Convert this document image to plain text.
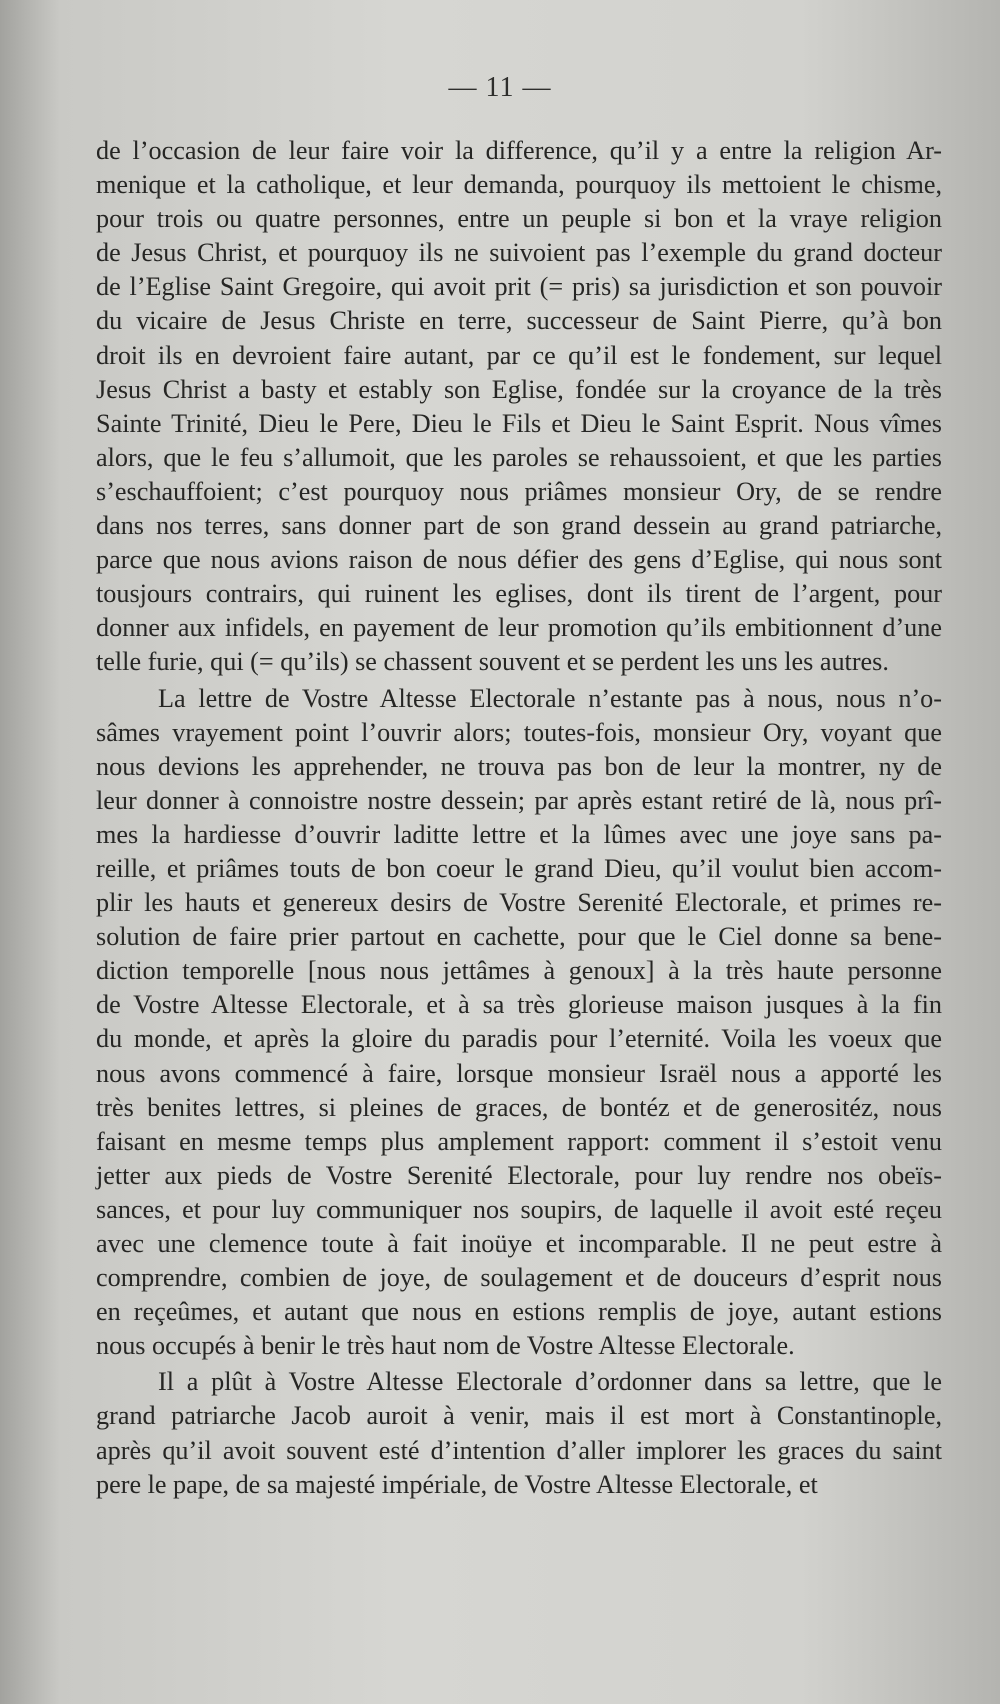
— 11 —
de l’occasion de leur faire voir la difference, qu’il y a entre la religion Ar-
menique et la catholique, et leur demanda, pourquoy ils mettoient le chisme,
pour trois ou quatre personnes, entre un peuple si bon et la vraye religion
de Jesus Christ, et pourquoy ils ne suivoient pas l’exemple du grand docteur
de l’Eglise Saint Gregoire, qui avoit prit (= pris) sa jurisdiction et son pouvoir
du vicaire de Jesus Christe en terre, successeur de Saint Pierre, qu’à bon
droit ils en devroient faire autant, par ce qu’il est le fondement, sur lequel
Jesus Christ a basty et estably son Eglise, fondée sur la croyance de la très
Sainte Trinité, Dieu le Pere, Dieu le Fils et Dieu le Saint Esprit. Nous vîmes
alors, que le feu s’allumoit, que les paroles se rehaussoient, et que les parties
s’eschauffoient; c’est pourquoy nous priâmes monsieur Ory, de se rendre
dans nos terres, sans donner part de son grand dessein au grand patriarche,
parce que nous avions raison de nous défier des gens d’Eglise, qui nous sont
tousjours contrairs, qui ruinent les eglises, dont ils tirent de l’argent, pour
donner aux infidels, en payement de leur promotion qu’ils embitionnent d’une
telle furie, qui (= qu’ils) se chassent souvent et se perdent les uns les autres.
La lettre de Vostre Altesse Electorale n’estante pas à nous, nous n’o-
sâmes vrayement point l’ouvrir alors; toutes-fois, monsieur Ory, voyant que
nous devions les apprehender, ne trouva pas bon de leur la montrer, ny de
leur donner à connoistre nostre dessein; par après estant retiré de là, nous prî-
mes la hardiesse d’ouvrir laditte lettre et la lûmes avec une joye sans pa-
reille, et priâmes touts de bon coeur le grand Dieu, qu’il voulut bien accom-
plir les hauts et genereux desirs de Vostre Serenité Electorale, et primes re-
solution de faire prier partout en cachette, pour que le Ciel donne sa bene-
diction temporelle [nous nous jettâmes à genoux] à la très haute personne
de Vostre Altesse Electorale, et à sa très glorieuse maison jusques à la fin
du monde, et après la gloire du paradis pour l’eternité. Voila les voeux que
nous avons commencé à faire, lorsque monsieur Israël nous a apporté les
très benites lettres, si pleines de graces, de bontéz et de generositéz, nous
faisant en mesme temps plus amplement rapport: comment il s’estoit venu
jetter aux pieds de Vostre Serenité Electorale, pour luy rendre nos obeïs-
sances, et pour luy communiquer nos soupirs, de laquelle il avoit esté reçeu
avec une clemence toute à fait inoüye et incomparable. Il ne peut estre à
comprendre, combien de joye, de soulagement et de douceurs d’esprit nous
en reçeûmes, et autant que nous en estions remplis de joye, autant estions
nous occupés à benir le très haut nom de Vostre Altesse Electorale.
Il a plût à Vostre Altesse Electorale d’ordonner dans sa lettre, que le
grand patriarche Jacob auroit à venir, mais il est mort à Constantinople,
après qu’il avoit souvent esté d’intention d’aller implorer les graces du saint
pere le pape, de sa majesté impériale, de Vostre Altesse Electorale, et
